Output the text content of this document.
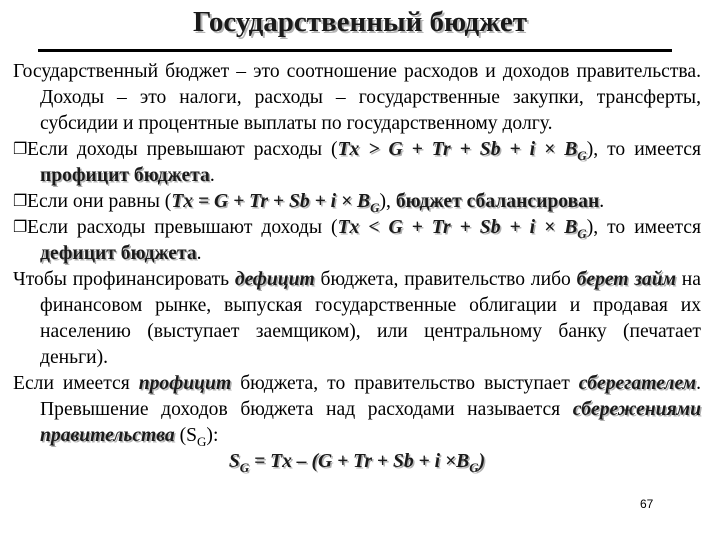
Государственный бюджет

Государственный бюджет – это соотношение расходов и доходов правительства. Доходы – это налоги, расходы – государственные закупки, трансферты, субсидии и процентные выплаты по государственному долгу.

❐Если доходы превышают расходы $(Tx > G + Tr + Sb + i \times B_G)$, то имеется профицит бюджета.

❐Если они равны $(Tx = G + Tr + Sb + i \times B_G)$, бюджет сбалансирован.

❐Если расходы превышают доходы $(Tx < G + Tr + Sb + i \times B_G)$, то имеется дефицит бюджета.

Чтобы профинансировать дефицит бюджета, правительство либо берет займ на финансовом рынке, выпуская государственные облигации и продавая их населению (выступает заемщиком), или центральному банку (печатает деньги).

Если имеется профицит бюджета, то правительство выступает сберегателем. Превышение доходов бюджета над расходами называется сбережениями правительства $(S_G)$:

$S_G = Tx - (G + Tr + Sb + i \times B_G)$

67
